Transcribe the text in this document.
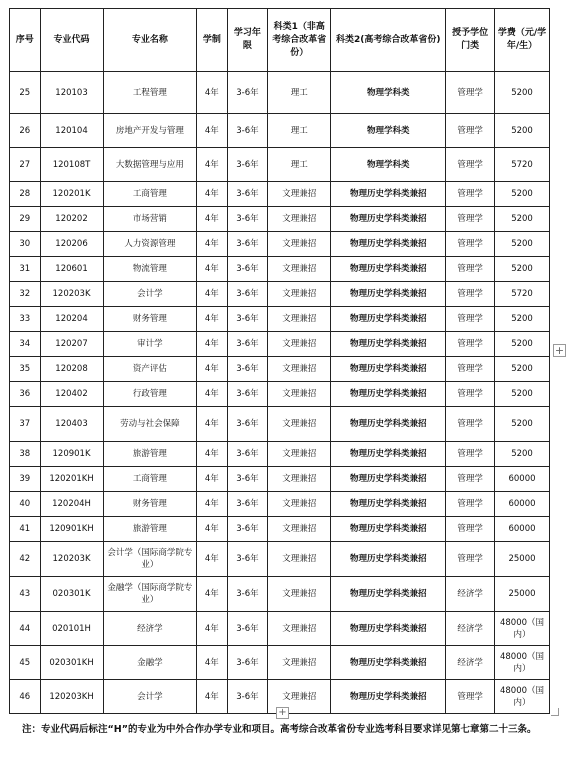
序号	专业代码	专业名称	学制	学习年限	科类1（非高考综合改革省份）	科类2(高考综合改革省份)	授予学位门类	学费（元/学年/生）
25	120103	工程管理	4年	3-6年	理工	物理学科类	管理学	5200
26	120104	房地产开发与管理	4年	3-6年	理工	物理学科类	管理学	5200
27	120108T	大数据管理与应用	4年	3-6年	理工	物理学科类	管理学	5720
28	120201K	工商管理	4年	3-6年	文理兼招	物理历史学科类兼招	管理学	5200
29	120202	市场营销	4年	3-6年	文理兼招	物理历史学科类兼招	管理学	5200
30	120206	人力资源管理	4年	3-6年	文理兼招	物理历史学科类兼招	管理学	5200
31	120601	物流管理	4年	3-6年	文理兼招	物理历史学科类兼招	管理学	5200
32	120203K	会计学	4年	3-6年	文理兼招	物理历史学科类兼招	管理学	5720
33	120204	财务管理	4年	3-6年	文理兼招	物理历史学科类兼招	管理学	5200
34	120207	审计学	4年	3-6年	文理兼招	物理历史学科类兼招	管理学	5200
35	120208	资产评估	4年	3-6年	文理兼招	物理历史学科类兼招	管理学	5200
36	120402	行政管理	4年	3-6年	文理兼招	物理历史学科类兼招	管理学	5200
37	120403	劳动与社会保障	4年	3-6年	文理兼招	物理历史学科类兼招	管理学	5200
38	120901K	旅游管理	4年	3-6年	文理兼招	物理历史学科类兼招	管理学	5200
39	120201KH	工商管理	4年	3-6年	文理兼招	物理历史学科类兼招	管理学	60000
40	120204H	财务管理	4年	3-6年	文理兼招	物理历史学科类兼招	管理学	60000
41	120901KH	旅游管理	4年	3-6年	文理兼招	物理历史学科类兼招	管理学	60000
42	120203K	会计学（国际商学院专业）	4年	3-6年	文理兼招	物理历史学科类兼招	管理学	25000
43	020301K	金融学（国际商学院专业）	4年	3-6年	文理兼招	物理历史学科类兼招	经济学	25000
44	020101H	经济学	4年	3-6年	文理兼招	物理历史学科类兼招	经济学	48000（国内）
45	020301KH	金融学	4年	3-6年	文理兼招	物理历史学科类兼招	经济学	48000（国内）
46	120203KH	会计学	4年	3-6年	文理兼招	物理历史学科类兼招	管理学	48000（国内）
+
+
注：专业代码后标注“H”的专业为中外合作办学专业和项目。高考综合改革省份专业选考科目要求详见第七章第二十三条。
